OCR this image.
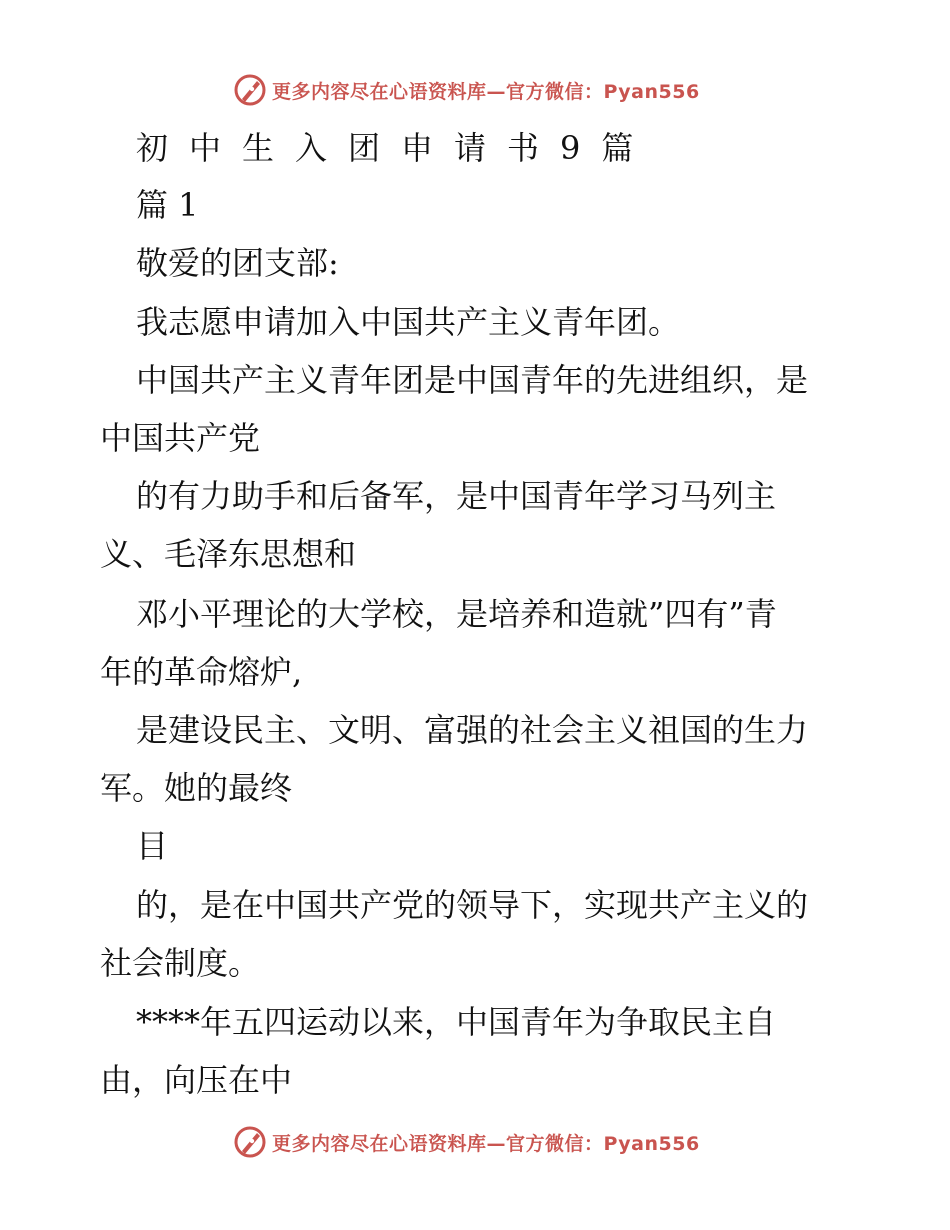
更多内容尽在心语资料库—官方微信：Pyan556
初中生入团申请书9篇
篇 1
敬爱的团支部:
我志愿申请加入中国共产主义青年团。
中国共产主义青年团是中国青年的先进组织，是
中国共产党
的有力助手和后备军，是中国青年学习马列主
义、毛泽东思想和
邓小平理论的大学校，是培养和造就”四有”青
年的革命熔炉,
是建设民主、文明、富强的社会主义祖国的生力
军。她的最终
目
的，是在中国共产党的领导下，实现共产主义的
社会制度。
****年五四运动以来，中国青年为争取民主自
由，向压在中
更多内容尽在心语资料库—官方微信：Pyan556
